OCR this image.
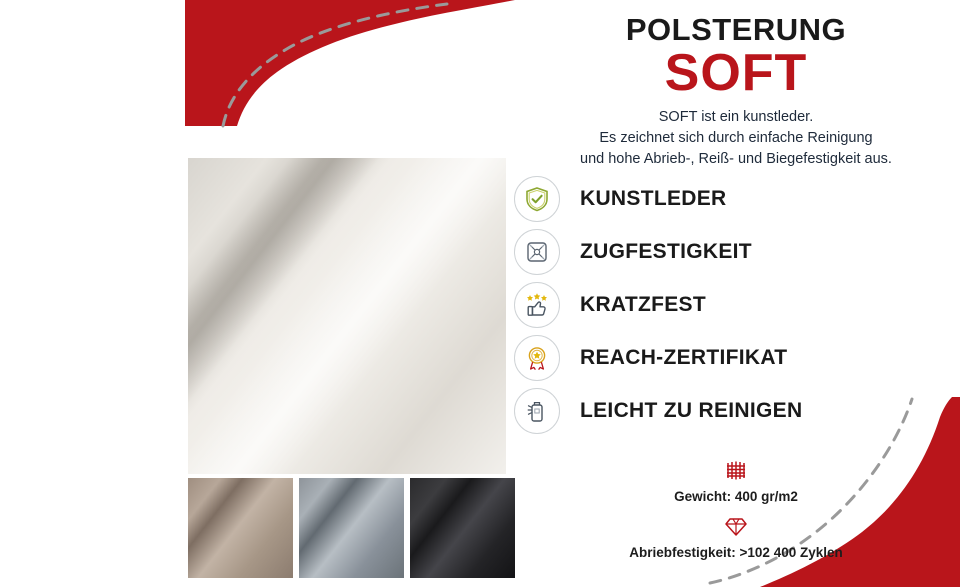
POLSTERUNG
SOFT
SOFT ist ein kunstleder.
Es zeichnet sich durch einfache Reinigung
und hohe Abrieb-, Reiß- und Biegefestigkeit aus.
KUNSTLEDER
ZUGFESTIGKEIT
KRATZFEST
REACH-ZERTIFIKAT
LEICHT ZU REINIGEN
Gewicht: 400 gr/m2
Abriebfestigkeit: >102 400 Zyklen
